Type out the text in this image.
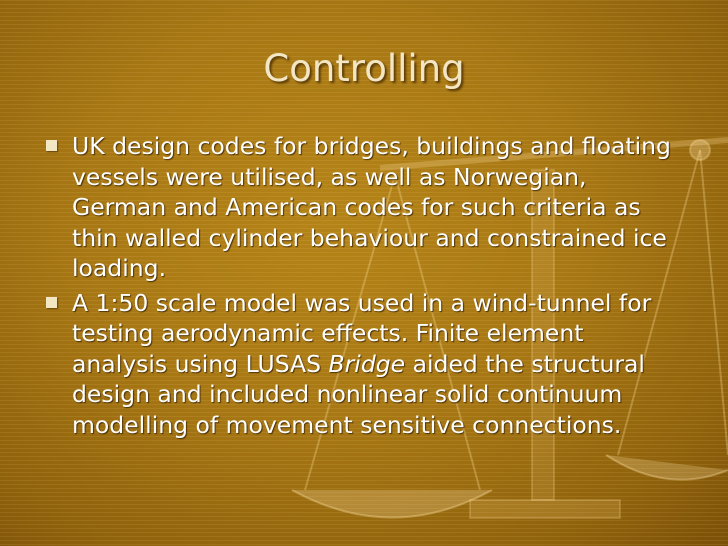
Controlling
UK design codes for bridges, buildings and floating vessels were utilised, as well as Norwegian, German and American codes for such criteria as thin walled cylinder behaviour and constrained ice loading.
A 1:50 scale model was used in a wind-tunnel for testing aerodynamic effects. Finite element analysis using LUSAS Bridge aided the structural design and included nonlinear solid continuum modelling of movement sensitive connections.
